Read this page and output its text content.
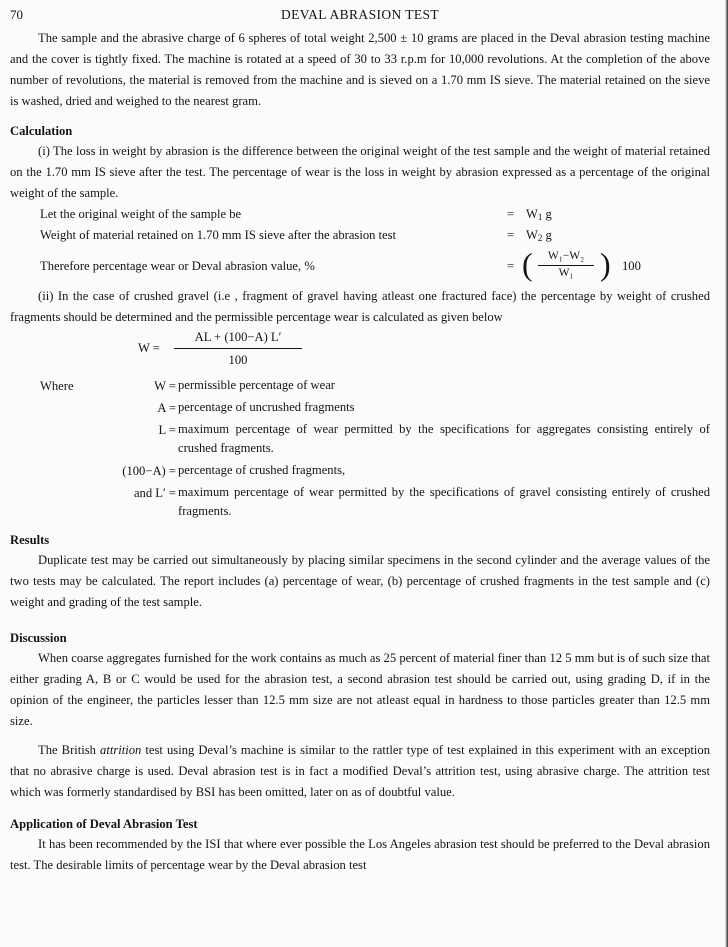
70	DEVAL ABRASION TEST

The sample and the abrasive charge of 6 spheres of total weight 2,500 ± 10 grams are placed in the Deval abrasion testing machine and the cover is tightly fixed. The machine is rotated at a speed of 30 to 33 r.p.m for 10,000 revolutions. At the completion of the above number of revolutions, the material is removed from the machine and is sieved on a 1.70 mm IS sieve. The material retained on the sieve is washed, dried and weighed to the nearest gram.

Calculation

(i) The loss in weight by abrasion is the difference between the original weight of the test sample and the weight of material retained on the 1.70 mm IS sieve after the test. The percentage of wear is the loss in weight by abrasion expressed as a percentage of the original weight of the sample.

Let the original weight of the sample be	= $W_1$ g
Weight of material retained on 1.70 mm IS sieve after the abrasion test	= $W_2$ g
Therefore percentage wear or Deval abrasion value, %	= ( $\frac{\text{W₁−W₂}}{\text{W₁}}$ ) 100

(ii) In the case of crushed gravel (i.e , fragment of gravel having atleast one fractured face) the percentage by weight of crushed fragments should be determined and the permissible percentage wear is calculated as given below

$W = \frac{AL + (100-A) L'}{100}$
Where	W = permissible percentage of wear
A = percentage of uncrushed fragments
L = maximum percentage of wear permitted by the specifications for aggregates consisting entirely of crushed fragments.
(100−A) = percentage of crushed fragments,
and L′ = maximum percentage of wear permitted by the specifications of gravel consisting entirely of crushed fragments.
Results

Duplicate test may be carried out simultaneously by placing similar specimens in the second cylinder and the average values of the two tests may be calculated. The report includes (a) percentage of wear, (b) percentage of crushed fragments in the test sample and (c) weight and grading of the test sample.

Discussion

When coarse aggregates furnished for the work contains as much as 25 percent of material finer than 12 5 mm but is of such size that either grading A, B or C would be used for the abrasion test, a second abrasion test should be carried out, using grading D, if in the opinion of the engineer, the particles lesser than 12.5 mm size are not atleast equal in hardness to those particles greater than 12.5 mm size.

The British attrition test using Deval’s machine is similar to the rattler type of test explained in this experiment with an exception that no abrasive charge is used. Deval abrasion test is in fact a modified Deval’s attrition test, using abrasive charge. The attrition test which was formerly standardised by BSI has been omitted, later on as of doubtful value.

Application of Deval Abrasion Test

It has been recommended by the ISI that where ever possible the Los Angeles abrasion test should be preferred to the Deval abrasion test. The desirable limits of percentage wear by the Deval abrasion test
